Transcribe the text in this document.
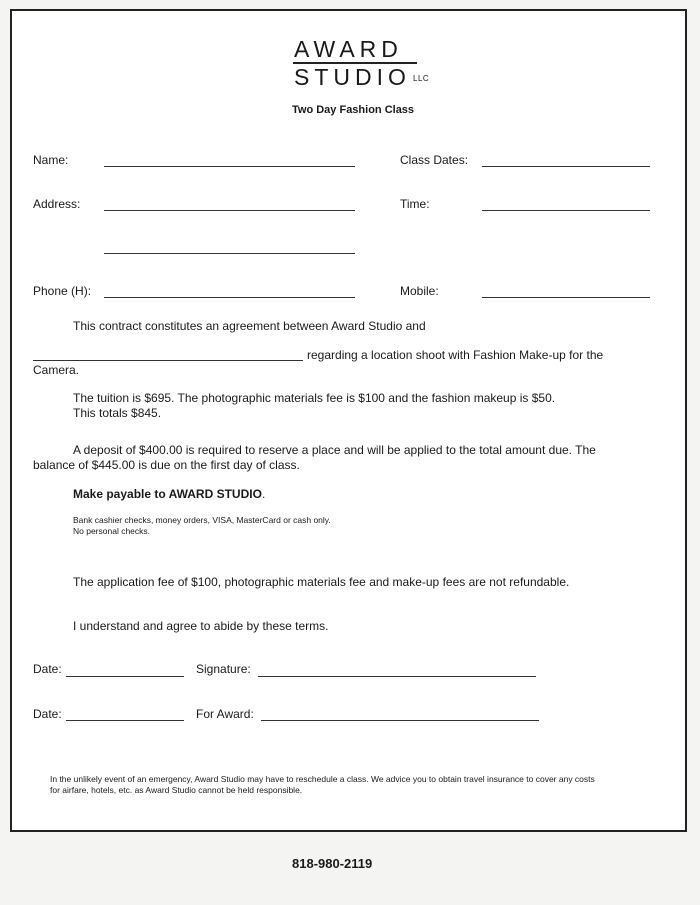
AWARD
STUDIO LLC
Two Day Fashion Class
Name:	Class Dates:
Address:	Time:
Phone (H):	Mobile:
This contract constitutes an agreement between Award Studio and
regarding a location shoot with Fashion Make-up for the
Camera.
The tuition is $695. The photographic materials fee is $100 and the fashion makeup is $50.
This totals $845.
A deposit of $400.00 is required to reserve a place and will be applied to the total amount due. The
balance of $445.00 is due on the first day of class.
Make payable to AWARD STUDIO.
Bank cashier checks, money orders, VISA, MasterCard or cash only.
No personal checks.
The application fee of $100, photographic materials fee and make-up fees are not refundable.
I understand and agree to abide by these terms.
Date:	Signature:
Date:	For Award:
In the unlikely event of an emergency, Award Studio may have to reschedule a class. We advice you to obtain travel insurance to cover any costs
for airfare, hotels, etc. as Award Studio cannot be held responsible.
818-980-2119
